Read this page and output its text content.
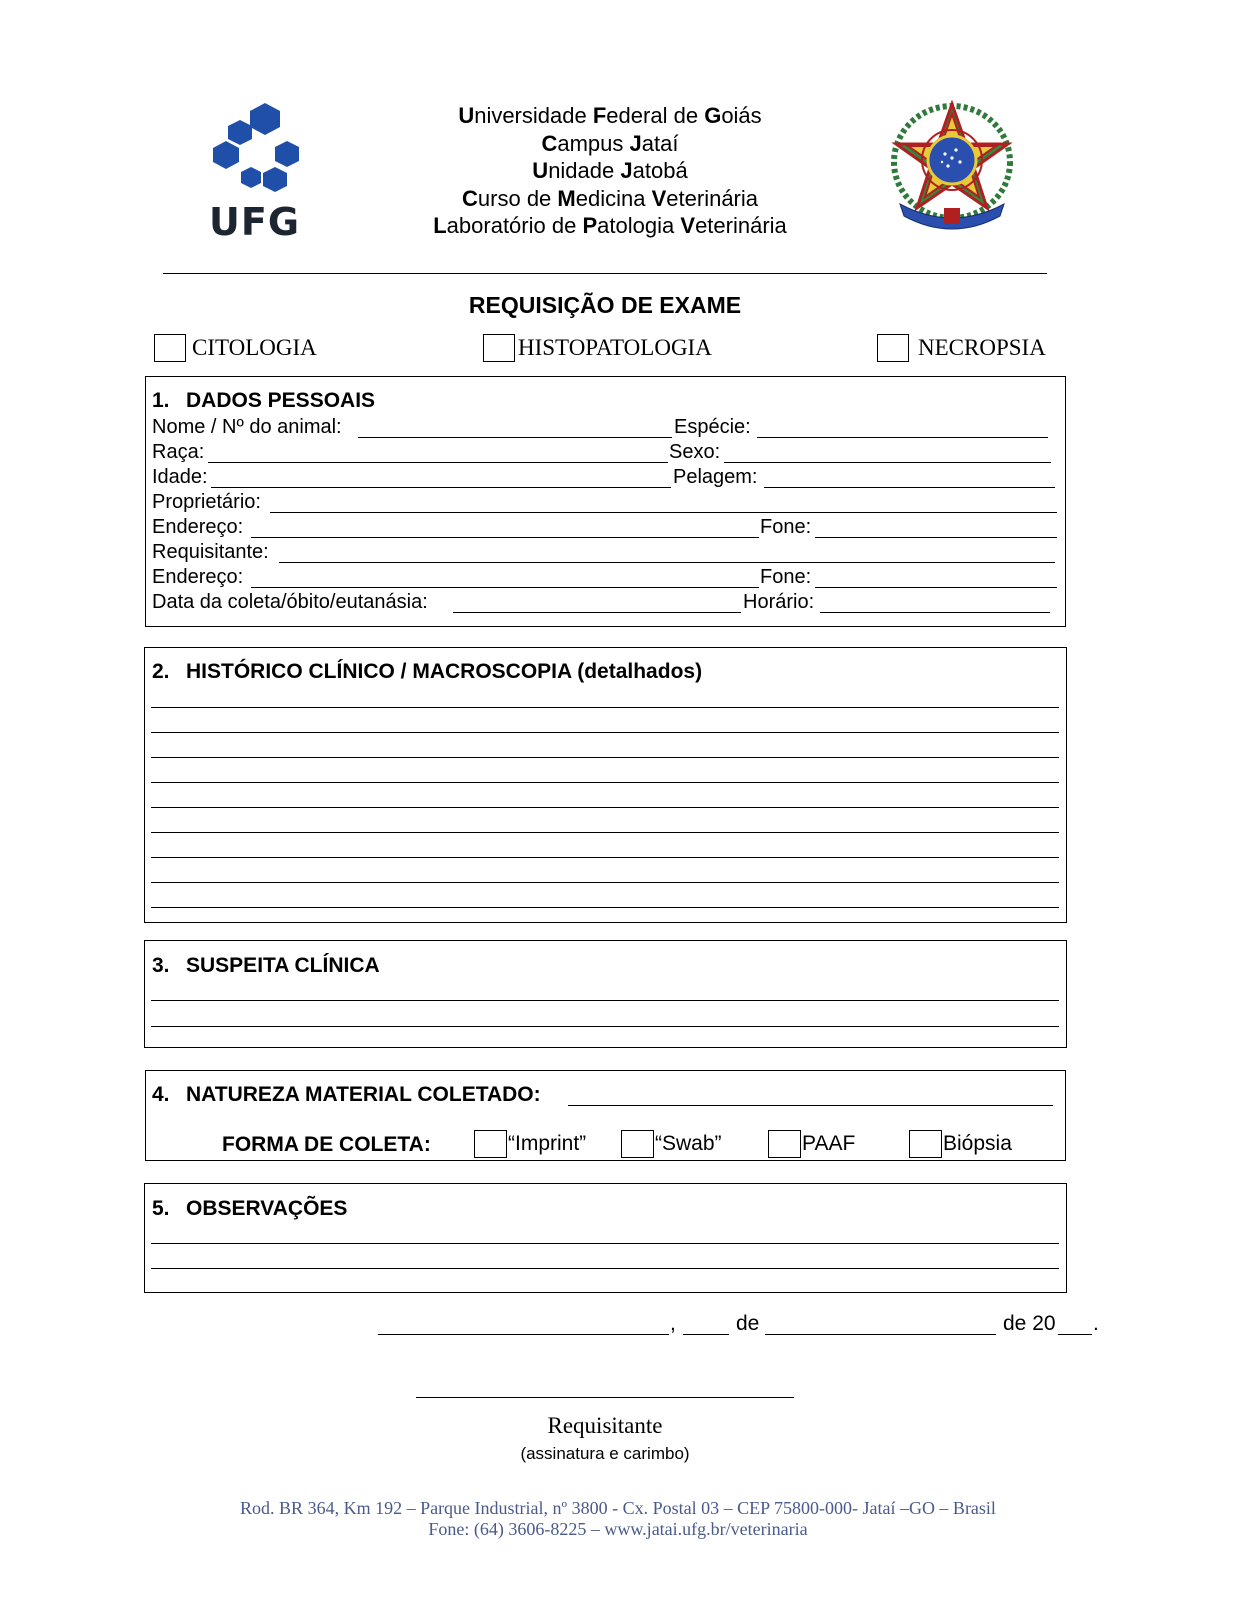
UFG
Universidade Federal de Goiás
Campus Jataí
Unidade Jatobá
Curso de Medicina Veterinária
Laboratório de Patologia Veterinária
REQUISIÇÃO DE EXAME
CITOLOGIA	HISTOPATOLOGIA	NECROPSIA
1. DADOS PESSOAIS
Nome / Nº do animal:	Espécie:
Raça:	Sexo:
Idade:	Pelagem:
Proprietário:
Endereço:	Fone:
Requisitante:
Endereço:	Fone:
Data da coleta/óbito/eutanásia:	Horário:
2. HISTÓRICO CLÍNICO / MACROSCOPIA (detalhados)
3. SUSPEITA CLÍNICA
4. NATUREZA MATERIAL COLETADO:
FORMA DE COLETA:	“Imprint”	“Swab”	PAAF	Biópsia
5. OBSERVAÇÕES
,	de	de 20 .
Requisitante
(assinatura e carimbo)
Rod. BR 364, Km 192 – Parque Industrial, nº 3800 - Cx. Postal 03 – CEP 75800-000- Jataí –GO – Brasil
Fone: (64) 3606-8225 – www.jatai.ufg.br/veterinaria
